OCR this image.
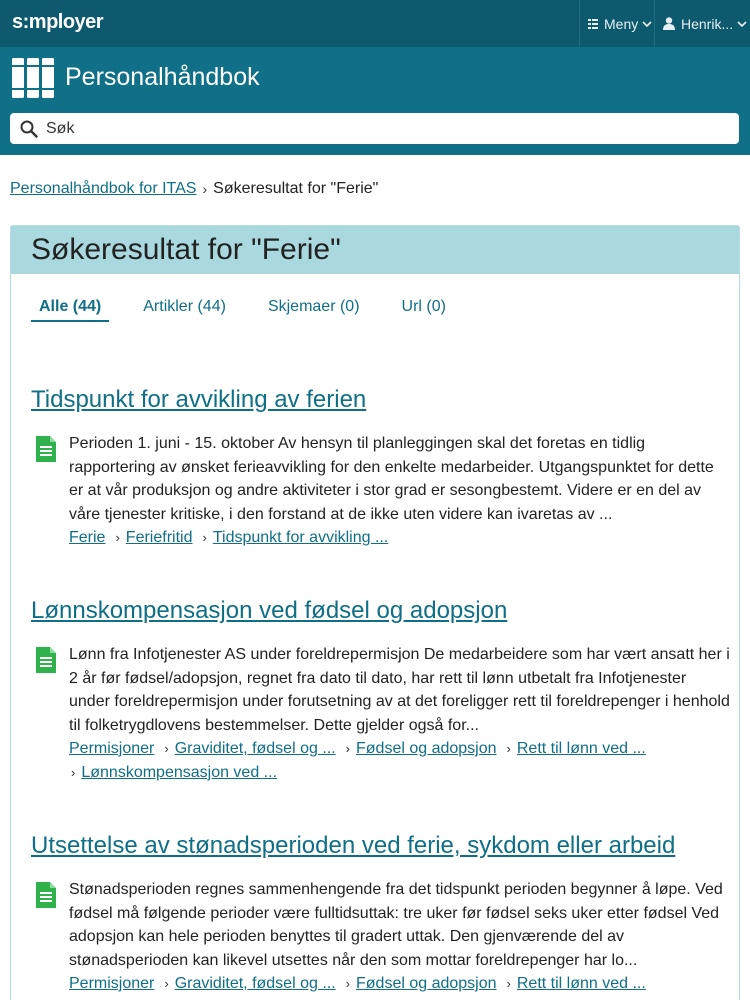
s:mployer	Meny	Henrik...
Personalhåndbok
Søk
Personalhåndbok for ITAS › Søkeresultat for "Ferie"
Søkeresultat for "Ferie"
Alle (44)	Artikler (44)	Skjemaer (0)	Url (0)
Tidspunkt for avvikling av ferien

Perioden 1. juni - 15. oktober Av hensyn til planleggingen skal det foretas en tidlig rapportering av ønsket ferieavvikling for den enkelte medarbeider. Utgangspunktet for dette er at vår produksjon og andre aktiviteter i stor grad er sesongbestemt. Videre er en del av våre tjenester kritiske, i den forstand at de ikke uten videre kan ivaretas av ...

Ferie › Feriefritid › Tidspunkt for avvikling ...
Lønnskompensasjon ved fødsel og adopsjon

Lønn fra Infotjenester AS under foreldrepermisjon De medarbeidere som har vært ansatt her i 2 år før fødsel/adopsjon, regnet fra dato til dato, har rett til lønn utbetalt fra Infotjenester under foreldrepermisjon under forutsetning av at det foreligger rett til foreldrepenger i henhold til folketrygdlovens bestemmelser. Dette gjelder også for...

Permisjoner › Graviditet, fødsel og ... › Fødsel og adopsjon › Rett til lønn ved ...
› Lønnskompensasjon ved ...
Utsettelse av stønadsperioden ved ferie, sykdom eller arbeid

Stønadsperioden regnes sammenhengende fra det tidspunkt perioden begynner å løpe. Ved fødsel må følgende perioder være fulltidsuttak: tre uker før fødsel seks uker etter fødsel Ved adopsjon kan hele perioden benyttes til gradert uttak. Den gjenværende del av stønadsperioden kan likevel utsettes når den som mottar foreldrepenger har lo...

Permisjoner › Graviditet, fødsel og ... › Fødsel og adopsjon › Rett til lønn ved ...
